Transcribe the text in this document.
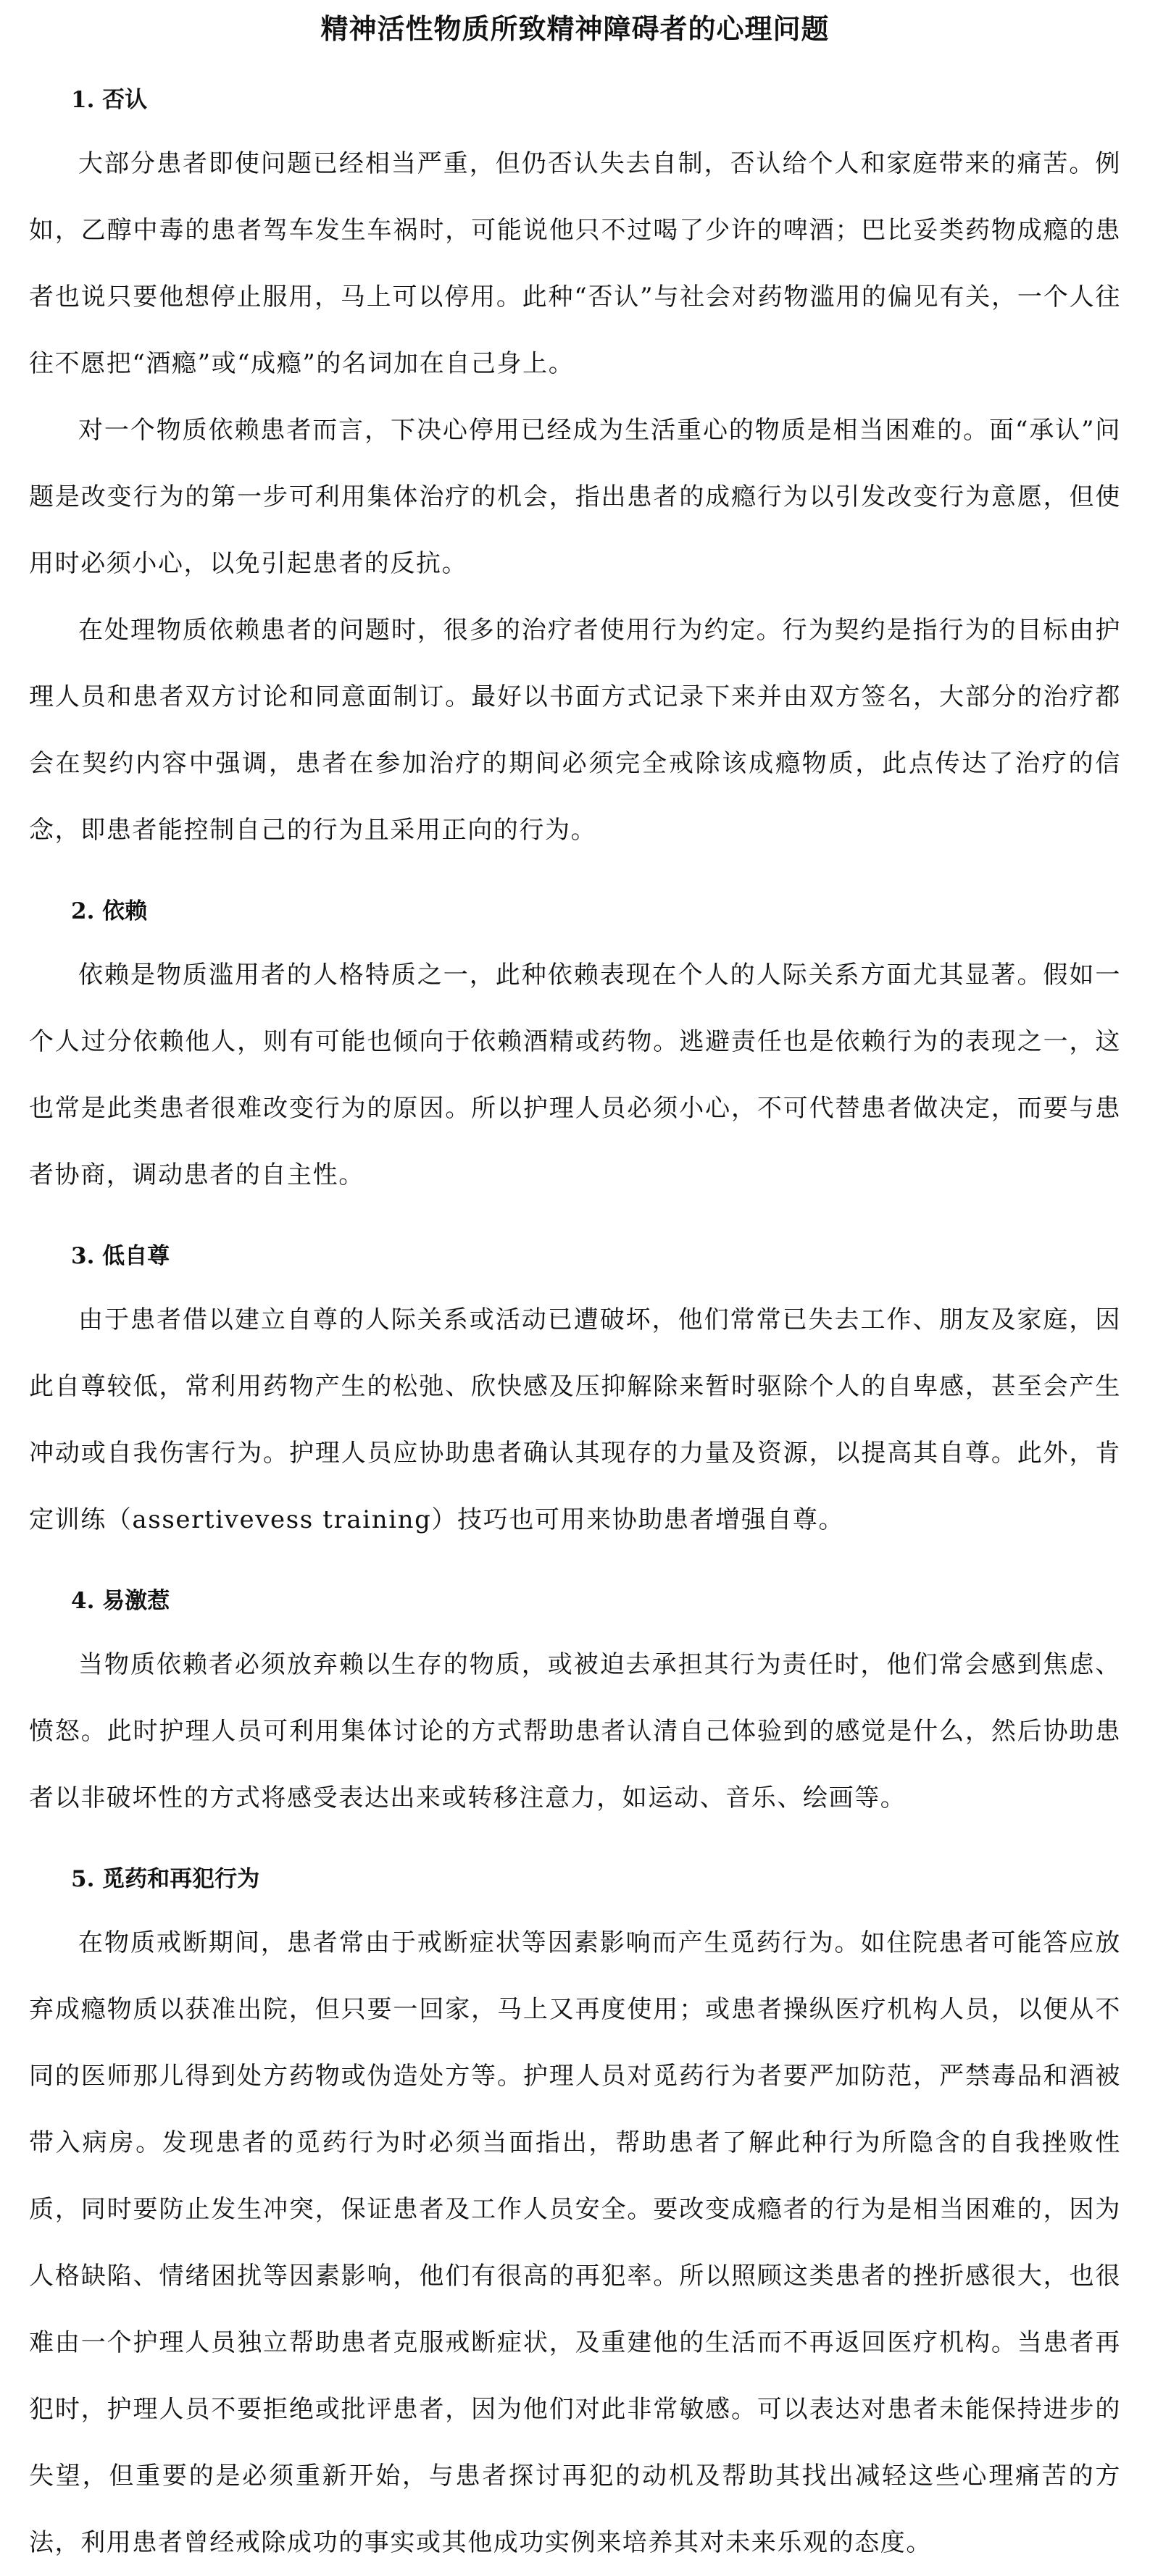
精神活性物质所致精神障碍者的心理问题
1. 否认

大部分患者即使问题已经相当严重，但仍否认失去自制，否认给个人和家庭带来的痛苦。例如，乙醇中毒的患者驾车发生车祸时，可能说他只不过喝了少许的啤酒；巴比妥类药物成瘾的患者也说只要他想停止服用，马上可以停用。此种“否认”与社会对药物滥用的偏见有关，一个人往往不愿把“酒瘾”或“成瘾”的名词加在自己身上。

对一个物质依赖患者而言，下决心停用已经成为生活重心的物质是相当困难的。面“承认”问题是改变行为的第一步可利用集体治疗的机会，指出患者的成瘾行为以引发改变行为意愿，但使用时必须小心，以免引起患者的反抗。

在处理物质依赖患者的问题时，很多的治疗者使用行为约定。行为契约是指行为的目标由护理人员和患者双方讨论和同意面制订。最好以书面方式记录下来并由双方签名，大部分的治疗都会在契约内容中强调，患者在参加治疗的期间必须完全戒除该成瘾物质，此点传达了治疗的信念，即患者能控制自己的行为且采用正向的行为。

2. 依赖

依赖是物质滥用者的人格特质之一，此种依赖表现在个人的人际关系方面尤其显著。假如一个人过分依赖他人，则有可能也倾向于依赖酒精或药物。逃避责任也是依赖行为的表现之一，这也常是此类患者很难改变行为的原因。所以护理人员必须小心，不可代替患者做决定，而要与患者协商，调动患者的自主性。

3. 低自尊

由于患者借以建立自尊的人际关系或活动已遭破坏，他们常常已失去工作、朋友及家庭，因此自尊较低，常利用药物产生的松弛、欣快感及压抑解除来暂时驱除个人的自卑感，甚至会产生冲动或自我伤害行为。护理人员应协助患者确认其现存的力量及资源，以提高其自尊。此外，肯定训练（assertivevess training）技巧也可用来协助患者增强自尊。

4. 易激惹

当物质依赖者必须放弃赖以生存的物质，或被迫去承担其行为责任时，他们常会感到焦虑、愤怒。此时护理人员可利用集体讨论的方式帮助患者认清自己体验到的感觉是什么，然后协助患者以非破坏性的方式将感受表达出来或转移注意力，如运动、音乐、绘画等。

5. 觅药和再犯行为

在物质戒断期间，患者常由于戒断症状等因素影响而产生觅药行为。如住院患者可能答应放弃成瘾物质以获准出院，但只要一回家，马上又再度使用；或患者操纵医疗机构人员，以便从不同的医师那儿得到处方药物或伪造处方等。护理人员对觅药行为者要严加防范，严禁毒品和酒被带入病房。发现患者的觅药行为时必须当面指出，帮助患者了解此种行为所隐含的自我挫败性质，同时要防止发生冲突，保证患者及工作人员安全。要改变成瘾者的行为是相当困难的，因为人格缺陷、情绪困扰等因素影响，他们有很高的再犯率。所以照顾这类患者的挫折感很大，也很难由一个护理人员独立帮助患者克服戒断症状，及重建他的生活而不再返回医疗机构。当患者再犯时，护理人员不要拒绝或批评患者，因为他们对此非常敏感。可以表达对患者未能保持进步的失望，但重要的是必须重新开始，与患者探讨再犯的动机及帮助其找出减轻这些心理痛苦的方法，利用患者曾经戒除成功的事实或其他成功实例来培养其对未来乐观的态度。
